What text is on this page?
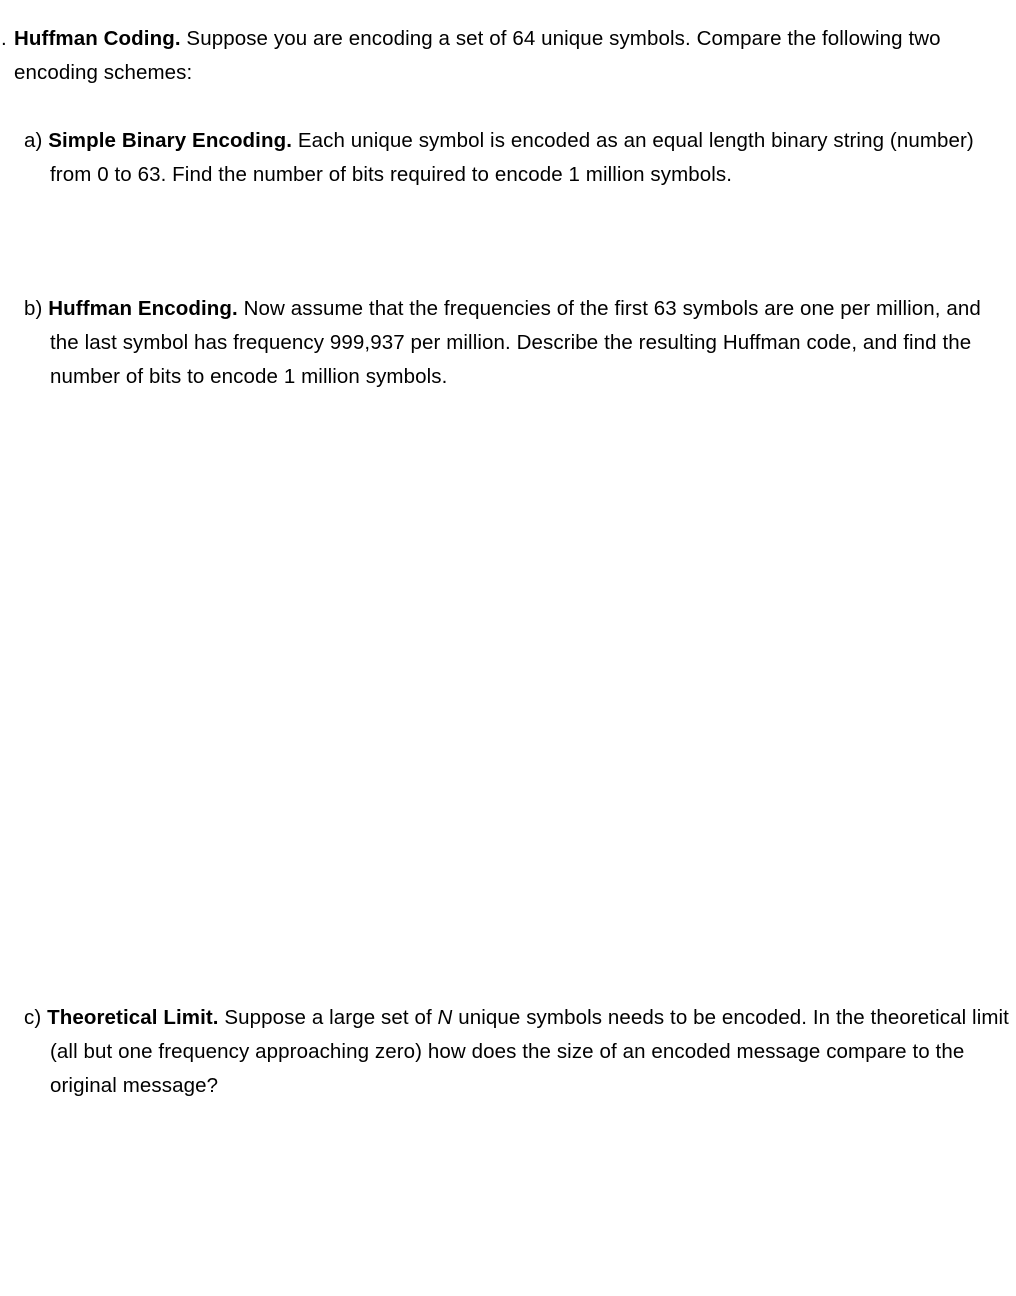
. Huffman Coding. Suppose you are encoding a set of 64 unique symbols. Compare the following two encoding schemes:
a) Simple Binary Encoding. Each unique symbol is encoded as an equal length binary string (number) from 0 to 63. Find the number of bits required to encode 1 million symbols.
b) Huffman Encoding. Now assume that the frequencies of the first 63 symbols are one per million, and the last symbol has frequency 999,937 per million. Describe the resulting Huffman code, and find the number of bits to encode 1 million symbols.
c) Theoretical Limit. Suppose a large set of N unique symbols needs to be encoded. In the theoretical limit (all but one frequency approaching zero) how does the size of an encoded message compare to the original message?
